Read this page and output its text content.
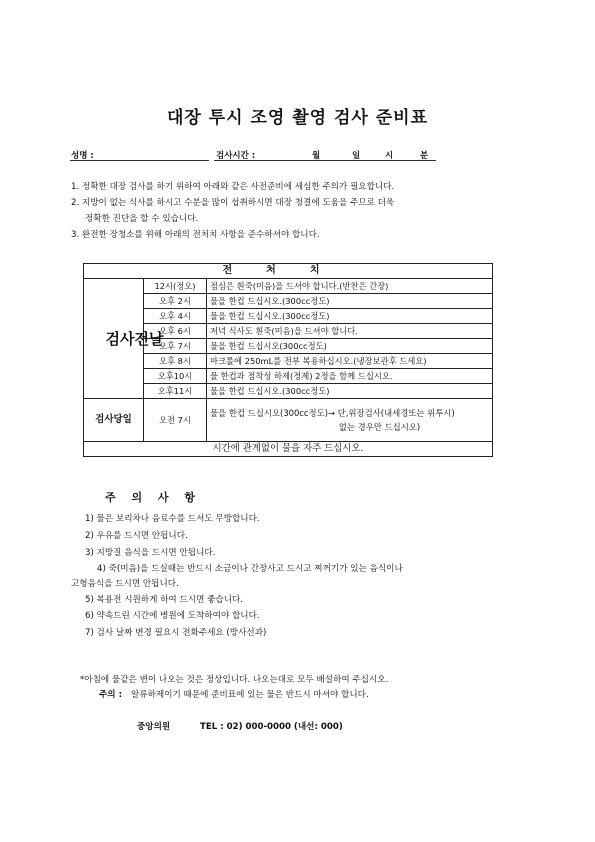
대장 투시 조영 촬영 검사 준비표
성명 :	검사시간 :	월	일	시	분
1. 정확한 대장 검사를 하기 위하여 아래와 같은 사전준비에 세심한 주의가 필요합니다.
2. 지방이 없는 식사를 하시고 수분을 많이 섭취하시면 대장 청결에 도움을 주므로 더욱
정확한 진단을 할 수 있습니다.
3. 완전한 장청소를 위해 아래의 전처치 사항을 준수하셔야 합니다.
전처치		
검사전날	12시(정오)	점심은 흰죽(미음)을 드셔야 합니다.(반찬은 간장)
	오후 2시	물을 한컵 드십시오.(300cc정도)
	오후 4시	물을 한컵 드십시오.(300cc정도)
	오후 6시	저녁 식사도 흰죽(미음)을 드셔야 합니다.
	오후 7시	물을 한컵 드십시오(300cc정도)
	오후 8시	마크롤에 250mL를 전부 복용하십시오.(냉장보관후 드세요)
	오후10시	물 한컵과 점착성 하제(정제) 2정을 함께 드십시오.
	오후11시	물을 한컵 드십시오.(300cc정도)
검사당일	오전 7시	물을 한컵 드십시오(300cc정도)→ 단,위장검사(내세경또는 위투시)
없는 경우만 드십시오)

시간에 관계없이 물을 자주 드십시오.		
주 의 사 항
1) 물은 보리차나 음료수를 드셔도 무방합니다.
2) 우유를 드시면 안됩니다.
3) 지방질 음식을 드시면 안됩니다.
4) 죽(미음)을 드실때는 반드시 소금이나 간장사고 드시고 찌꺼기가 있는 음식이나
고형음식을 드시면 안됩니다.
5) 복용전 시원하게 하여 드시면 좋습니다.
6) 약속드린 시간에 병원에 도착하여야 합니다.
7) 검사 날짜 변경 필요시 전화주세요 (방사선과)
*아침에 물같은 변이 나오는 것은 정상입니다. 나오는대로 모두 배설하여 주십시오.
주의 : 알류하제이기 때문에 준비표에 있는 물은 반드시 마셔야 합니다.
중앙의원	TEL : 02) 000-0000 (내선: 000)
